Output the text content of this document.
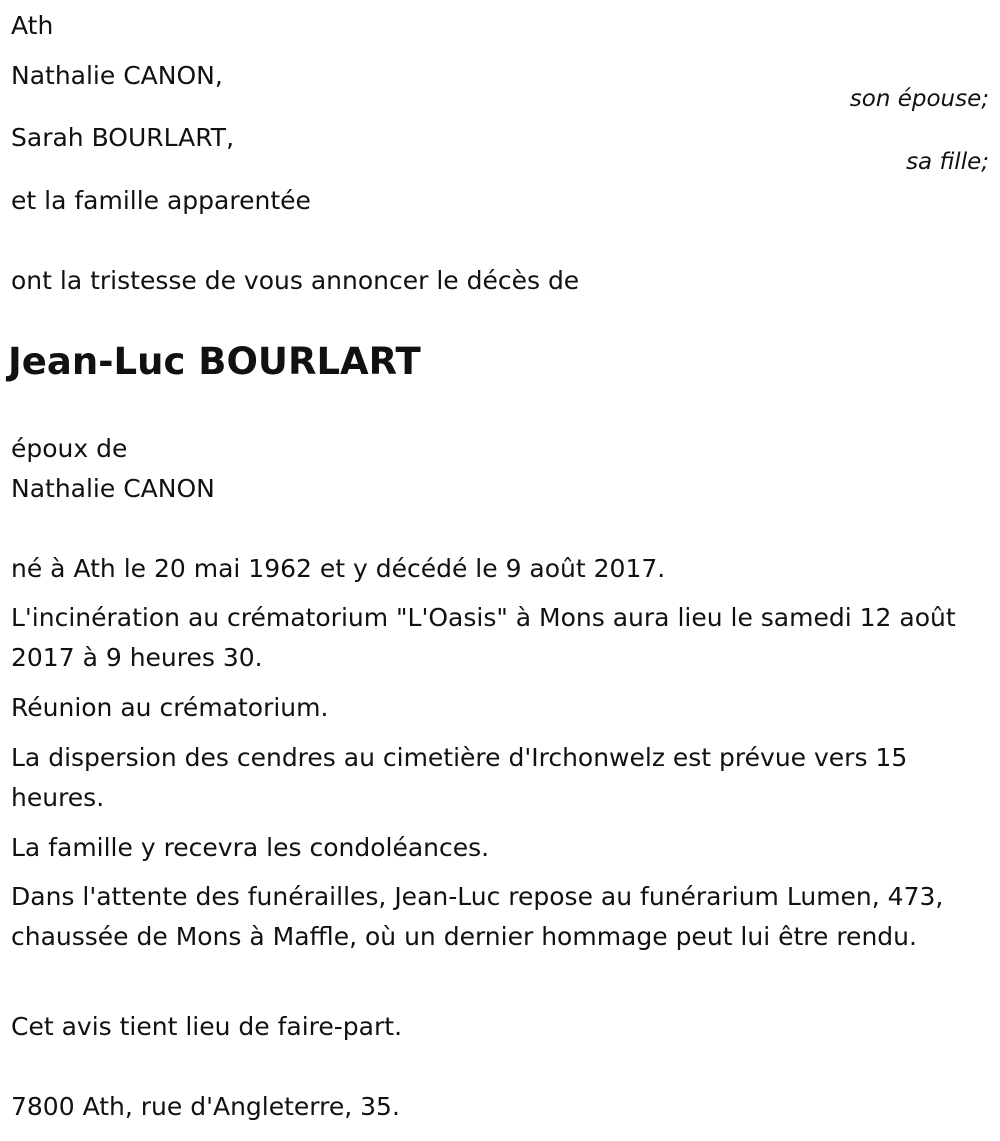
Ath
Nathalie CANON,
son épouse;
Sarah BOURLART,
sa fille;
et la famille apparentée
ont la tristesse de vous annoncer le décès de
Jean-Luc BOURLART
époux de
Nathalie CANON
né à Ath le 20 mai 1962 et y décédé le 9 août 2017.
L'incinération au crématorium "L'Oasis" à Mons aura lieu le samedi 12 août 2017 à 9 heures 30.
Réunion au crématorium.
La dispersion des cendres au cimetière d'Irchonwelz est prévue vers 15 heures.
La famille y recevra les condoléances.
Dans l'attente des funérailles, Jean-Luc repose au funérarium Lumen, 473, chaussée de Mons à Maffle, où un dernier hommage peut lui être rendu.
Cet avis tient lieu de faire-part.
7800 Ath, rue d'Angleterre, 35.
